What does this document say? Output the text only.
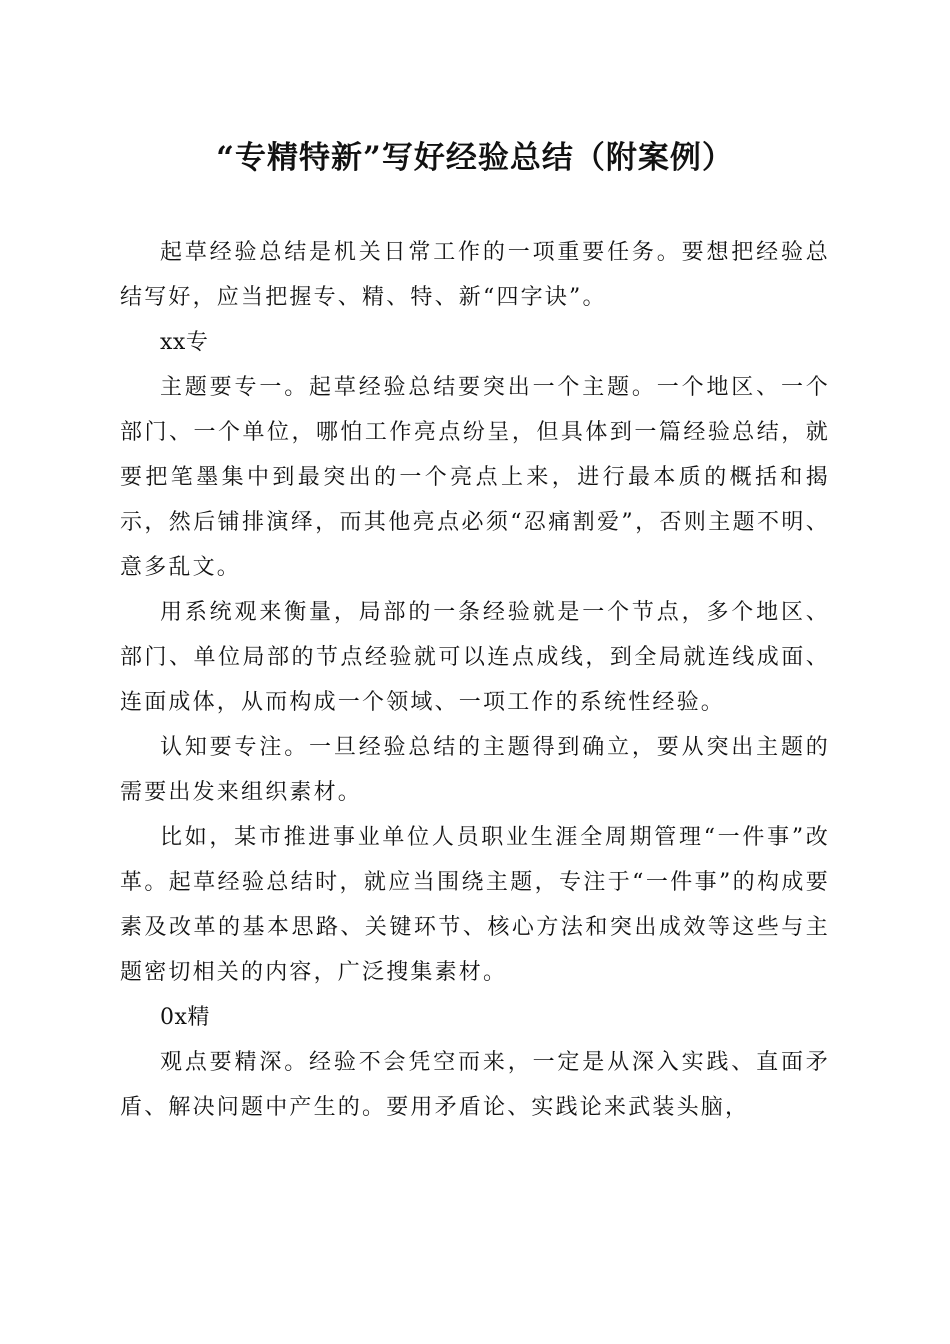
“专精特新”写好经验总结（附案例）

起草经验总结是机关日常工作的一项重要任务。要想把经验总结写好，应当把握专、精、特、新“四字诀”。

xx专

主题要专一。起草经验总结要突出一个主题。一个地区、一个部门、一个单位，哪怕工作亮点纷呈，但具体到一篇经验总结，就要把笔墨集中到最突出的一个亮点上来，进行最本质的概括和揭示，然后铺排演绎，而其他亮点必须“忍痛割爱”，否则主题不明、意多乱文。

用系统观来衡量，局部的一条经验就是一个节点，多个地区、部门、单位局部的节点经验就可以连点成线，到全局就连线成面、连面成体，从而构成一个领域、一项工作的系统性经验。

认知要专注。一旦经验总结的主题得到确立，要从突出主题的需要出发来组织素材。

比如，某市推进事业单位人员职业生涯全周期管理“一件事”改革。起草经验总结时，就应当围绕主题，专注于“一件事”的构成要素及改革的基本思路、关键环节、核心方法和突出成效等这些与主题密切相关的内容，广泛搜集素材。

0x精

观点要精深。经验不会凭空而来，一定是从深入实践、直面矛盾、解决问题中产生的。要用矛盾论、实践论来武装头脑，
